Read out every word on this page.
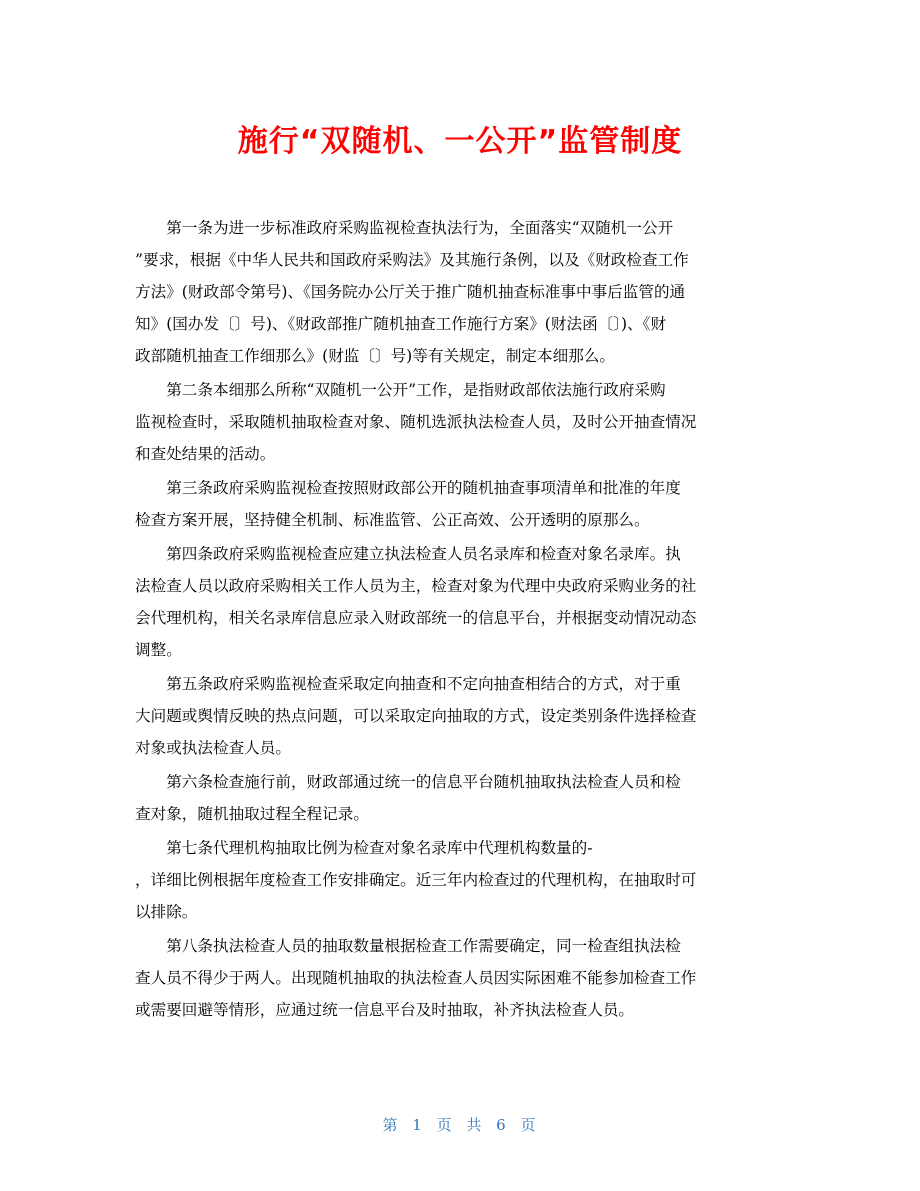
施行“双随机、一公开”监管制度
第一条为进一步标准政府采购监视检查执法行为，全面落实“双随机一公开
”要求，根据《中华人民共和国政府采购法》及其施行条例，以及《财政检查工作
方法》(财政部令第号)、《国务院办公厅关于推广随机抽查标准事中事后监管的通
知》(国办发〔〕号)、《财政部推广随机抽查工作施行方案》(财法函〔〕)、《财
政部随机抽查工作细那么》(财监〔〕号)等有关规定，制定本细那么。
第二条本细那么所称“双随机一公开”工作，是指财政部依法施行政府采购
监视检查时，采取随机抽取检查对象、随机选派执法检查人员，及时公开抽查情况
和查处结果的活动。
第三条政府采购监视检查按照财政部公开的随机抽查事项清单和批准的年度
检查方案开展，坚持健全机制、标准监管、公正高效、公开透明的原那么。
第四条政府采购监视检查应建立执法检查人员名录库和检查对象名录库。执
法检查人员以政府采购相关工作人员为主，检查对象为代理中央政府采购业务的社
会代理机构，相关名录库信息应录入财政部统一的信息平台，并根据变动情况动态
调整。
第五条政府采购监视检查采取定向抽查和不定向抽查相结合的方式，对于重
大问题或舆情反映的热点问题，可以采取定向抽取的方式，设定类别条件选择检查
对象或执法检查人员。
第六条检查施行前，财政部通过统一的信息平台随机抽取执法检查人员和检
查对象，随机抽取过程全程记录。
第七条代理机构抽取比例为检查对象名录库中代理机构数量的-
，详细比例根据年度检查工作安排确定。近三年内检查过的代理机构，在抽取时可
以排除。
第八条执法检查人员的抽取数量根据检查工作需要确定，同一检查组执法检
查人员不得少于两人。出现随机抽取的执法检查人员因实际困难不能参加检查工作
或需要回避等情形，应通过统一信息平台及时抽取，补齐执法检查人员。
第 1 页 共 6 页
